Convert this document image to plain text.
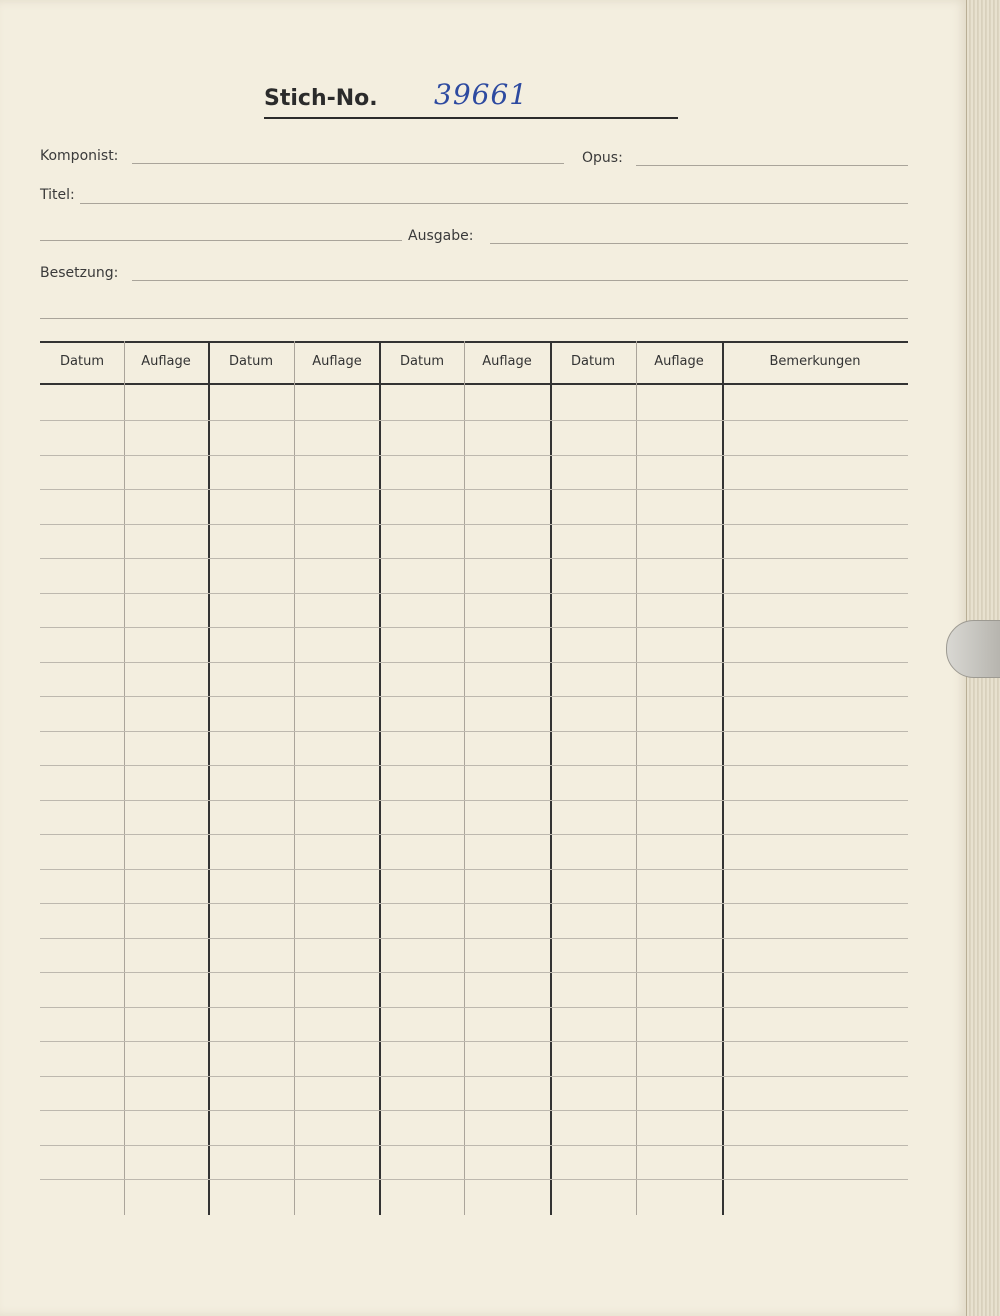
Stich-No. 39661
Komponist:	Opus:
Titel:
Ausgabe:
Besetzung:
Datum	Auflage	Datum	Auflage	Datum	Auflage	Datum	Auflage	Bemerkungen
